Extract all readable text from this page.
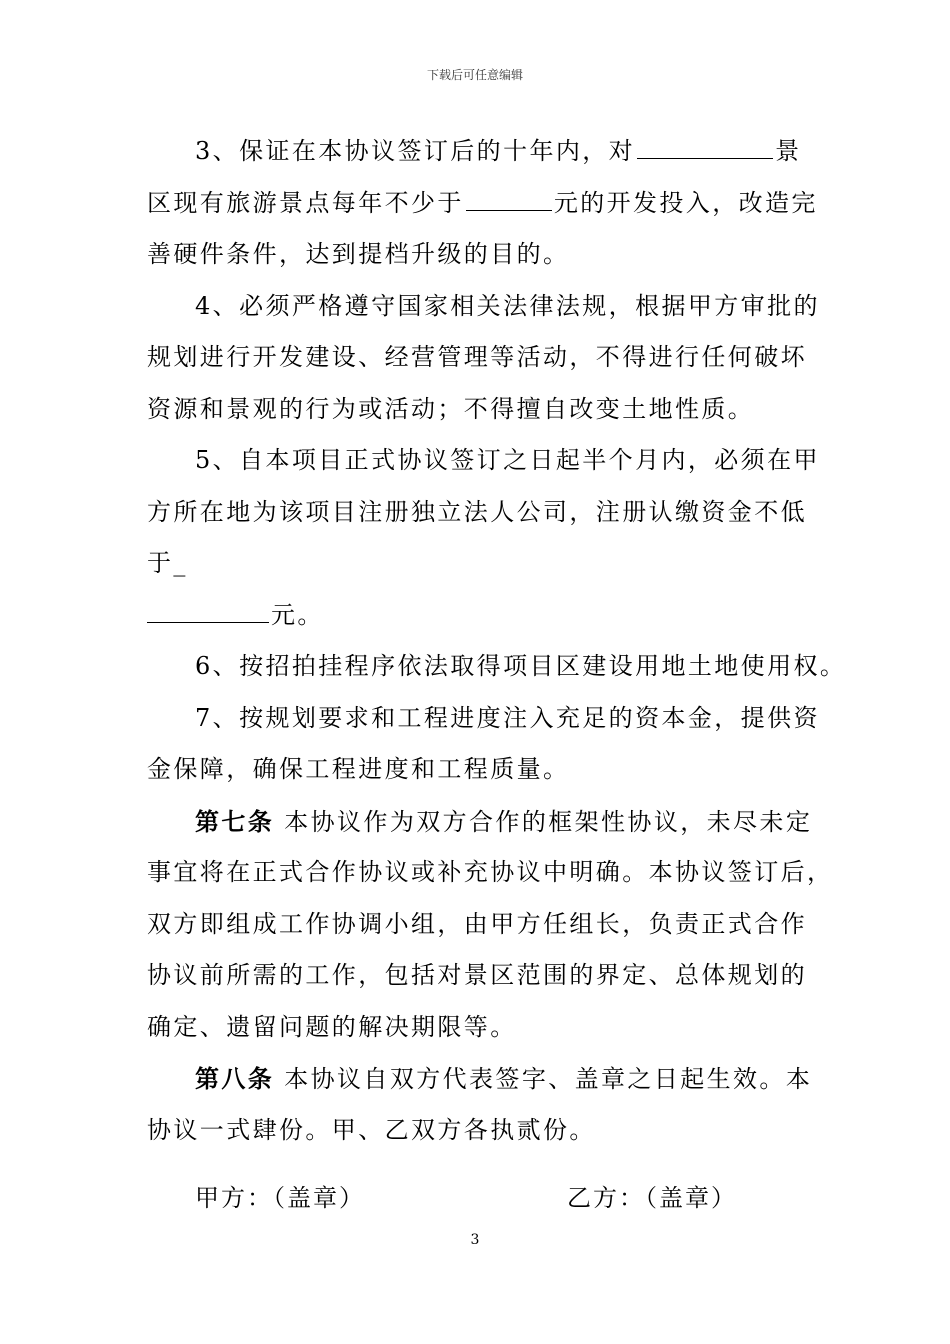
下载后可任意编辑
3、保证在本协议签订后的十年内，对	景
区现有旅游景点每年不少于	元的开发投入，改造完
善硬件条件，达到提档升级的目的。
4、必须严格遵守国家相关法律法规，根据甲方审批的
规划进行开发建设、经营管理等活动，不得进行任何破坏
资源和景观的行为或活动；不得擅自改变土地性质。
5、自本项目正式协议签订之日起半个月内，必须在甲
方所在地为该项目注册独立法人公司，注册认缴资金不低
于_
元。
6、按招拍挂程序依法取得项目区建设用地土地使用权。
7、按规划要求和工程进度注入充足的资本金，提供资
金保障，确保工程进度和工程质量。
第七条 本协议作为双方合作的框架性协议，未尽未定
事宜将在正式合作协议或补充协议中明确。本协议签订后，
双方即组成工作协调小组，由甲方任组长，负责正式合作
协议前所需的工作，包括对景区范围的界定、总体规划的
确定、遗留问题的解决期限等。
第八条 本协议自双方代表签字、盖章之日起生效。本
协议一式肆份。甲、乙双方各执贰份。
甲方：（盖章）	乙方：（盖章）
3
